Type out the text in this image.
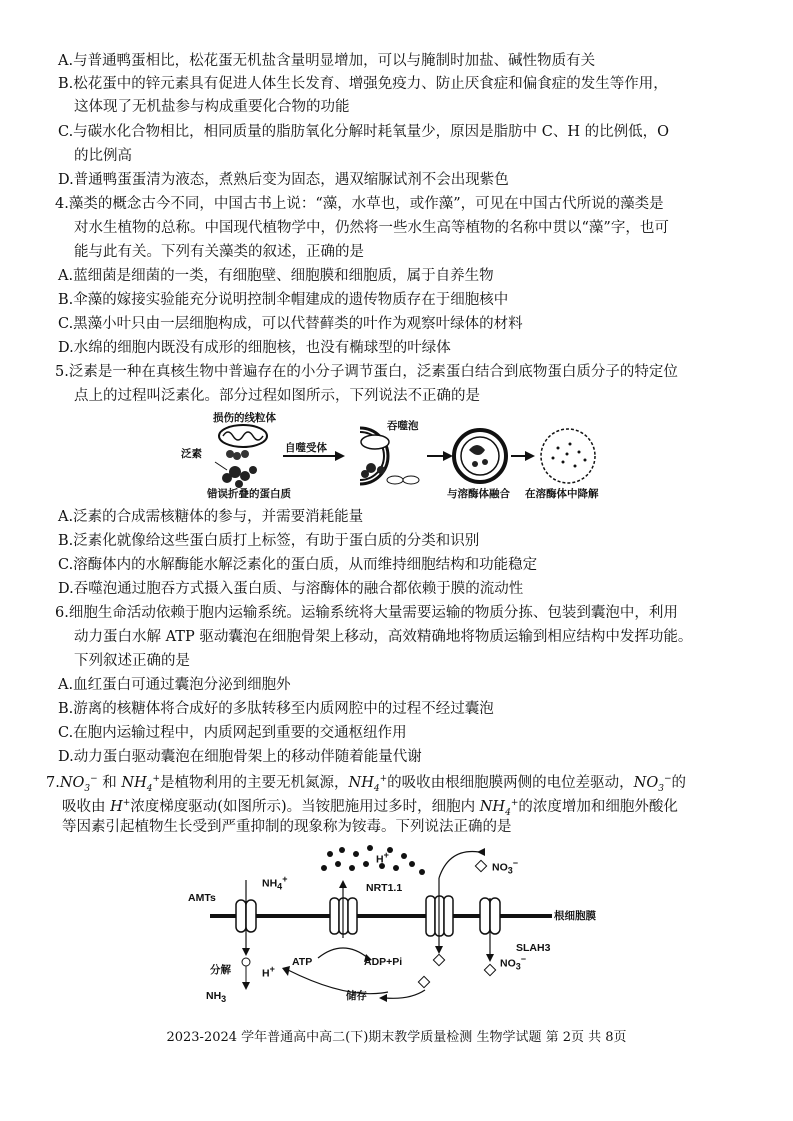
A.与普通鸭蛋相比，松花蛋无机盐含量明显增加，可以与腌制时加盐、碱性物质有关
B.松花蛋中的锌元素具有促进人体生长发育、增强免疫力、防止厌食症和偏食症的发生等作用，
这体现了无机盐参与构成重要化合物的功能
C.与碳水化合物相比，相同质量的脂肪氧化分解时耗氧量少，原因是脂肪中 C、H 的比例低，O
的比例高
D.普通鸭蛋蛋清为液态，煮熟后变为固态，遇双缩脲试剂不会出现紫色
4.藻类的概念古今不同，中国古书上说：“藻，水草也，或作藻”，可见在中国古代所说的藻类是
对水生植物的总称。中国现代植物学中，仍然将一些水生高等植物的名称中贯以“藻”字，也可
能与此有关。下列有关藻类的叙述，正确的是
A.蓝细菌是细菌的一类，有细胞壁、细胞膜和细胞质，属于自养生物
B.伞藻的嫁接实验能充分说明控制伞帽建成的遗传物质存在于细胞核中
C.黑藻小叶只由一层细胞构成，可以代替藓类的叶作为观察叶绿体的材料
D.水绵的细胞内既没有成形的细胞核，也没有椭球型的叶绿体
5.泛素是一种在真核生物中普遍存在的小分子调节蛋白，泛素蛋白结合到底物蛋白质分子的特定位
点上的过程叫泛素化。部分过程如图所示，下列说法不正确的是
损伤的线粒体
泛素	自噬受体
吞噬泡
错误折叠的蛋白质	与溶酶体融合 在溶酶体中降解
A.泛素的合成需核糖体的参与，并需要消耗能量
B.泛素化就像给这些蛋白质打上标签，有助于蛋白质的分类和识别
C.溶酶体内的水解酶能水解泛素化的蛋白质，从而维持细胞结构和功能稳定
D.吞噬泡通过胞吞方式摄入蛋白质、与溶酶体的融合都依赖于膜的流动性
6.细胞生命活动依赖于胞内运输系统。运输系统将大量需要运输的物质分拣、包装到囊泡中，利用
动力蛋白水解 ATP 驱动囊泡在细胞骨架上移动，高效精确地将物质运输到相应结构中发挥功能。
下列叙述正确的是
A.血红蛋白可通过囊泡分泌到细胞外
B.游离的核糖体将合成好的多肽转移至内质网腔中的过程不经过囊泡
C.在胞内运输过程中，内质网起到重要的交通枢纽作用
D.动力蛋白驱动囊泡在细胞骨架上的移动伴随着能量代谢
$7.NO_3^-$ 和 $NH_4^+$是植物利用的主要无机氮源，$NH_4^+$的吸收由根细胞膜两侧的电位差驱动，$NO_3^-$的
吸收由 H+浓度梯度驱动(如图所示)。当铵肥施用过多时，细胞内 $NH_4^+$的浓度增加和细胞外酸化
等因素引起植物生长受到严重抑制的现象称为铵毒。下列说法正确的是
AMTs
$NH_4^+$
H+
NRT1.1
$NO_3^-$
根细胞膜
SLAH3
$NO_3^-$
分解	H+
$NH_3$
ATP	ADP+Pi
储存
2023-2024 学年普通高中高二(下)期末教学质量检测 生物学试题 第 2页 共 8页
